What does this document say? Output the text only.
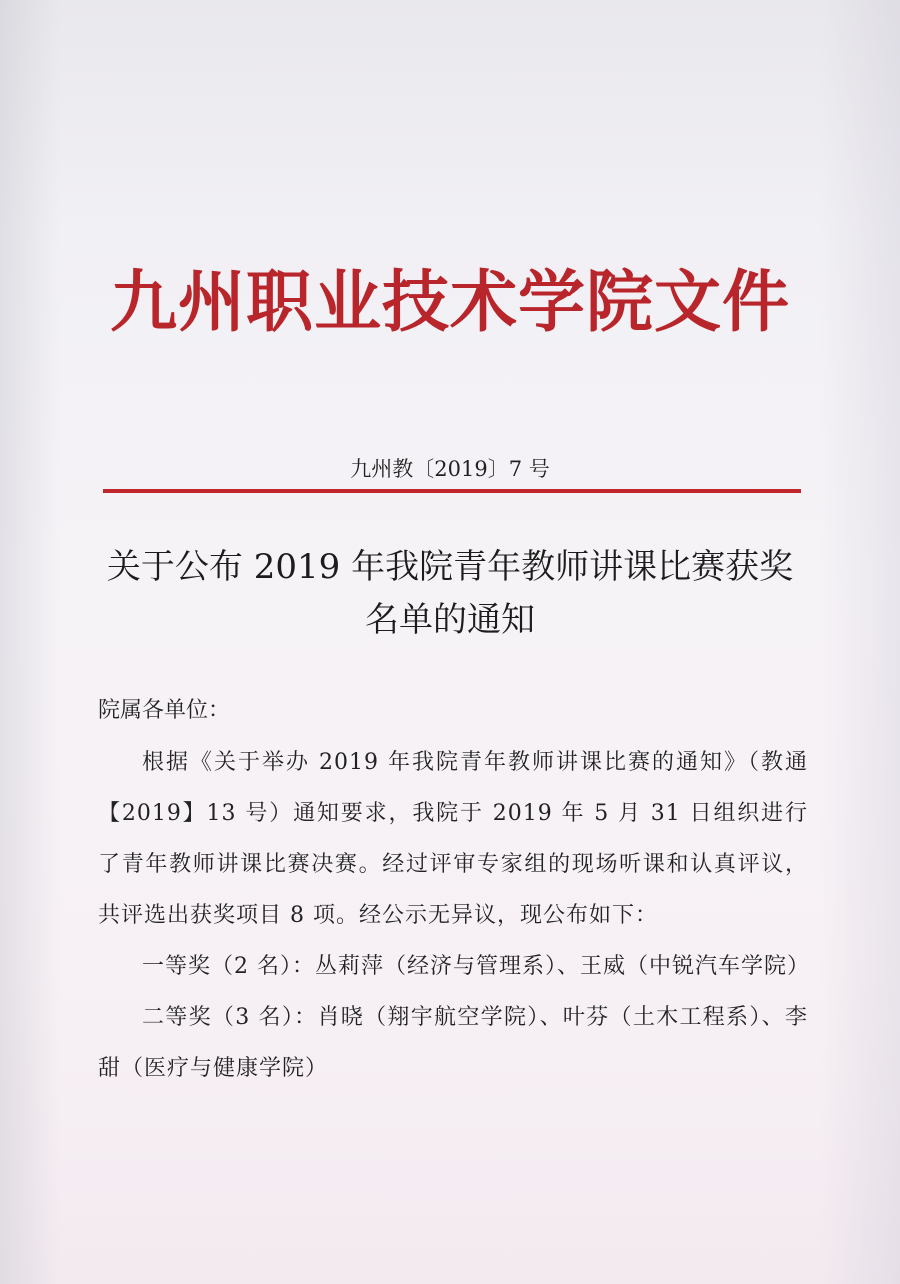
九州职业技术学院文件
九州教〔2019〕7 号
关于公布 2019 年我院青年教师讲课比赛获奖
名单的通知

院属各单位：

根据《关于举办 2019 年我院青年教师讲课比赛的通知》（教通【2019】13 号）通知要求，我院于 2019 年 5 月 31 日组织进行了青年教师讲课比赛决赛。经过评审专家组的现场听课和认真评议，共评选出获奖项目 8 项。经公示无异议，现公布如下：

一等奖（2 名）：丛莉萍（经济与管理系）、王威（中锐汽车学院）

二等奖（3 名）：肖晓（翔宇航空学院）、叶芬（土木工程系）、李甜（医疗与健康学院）
